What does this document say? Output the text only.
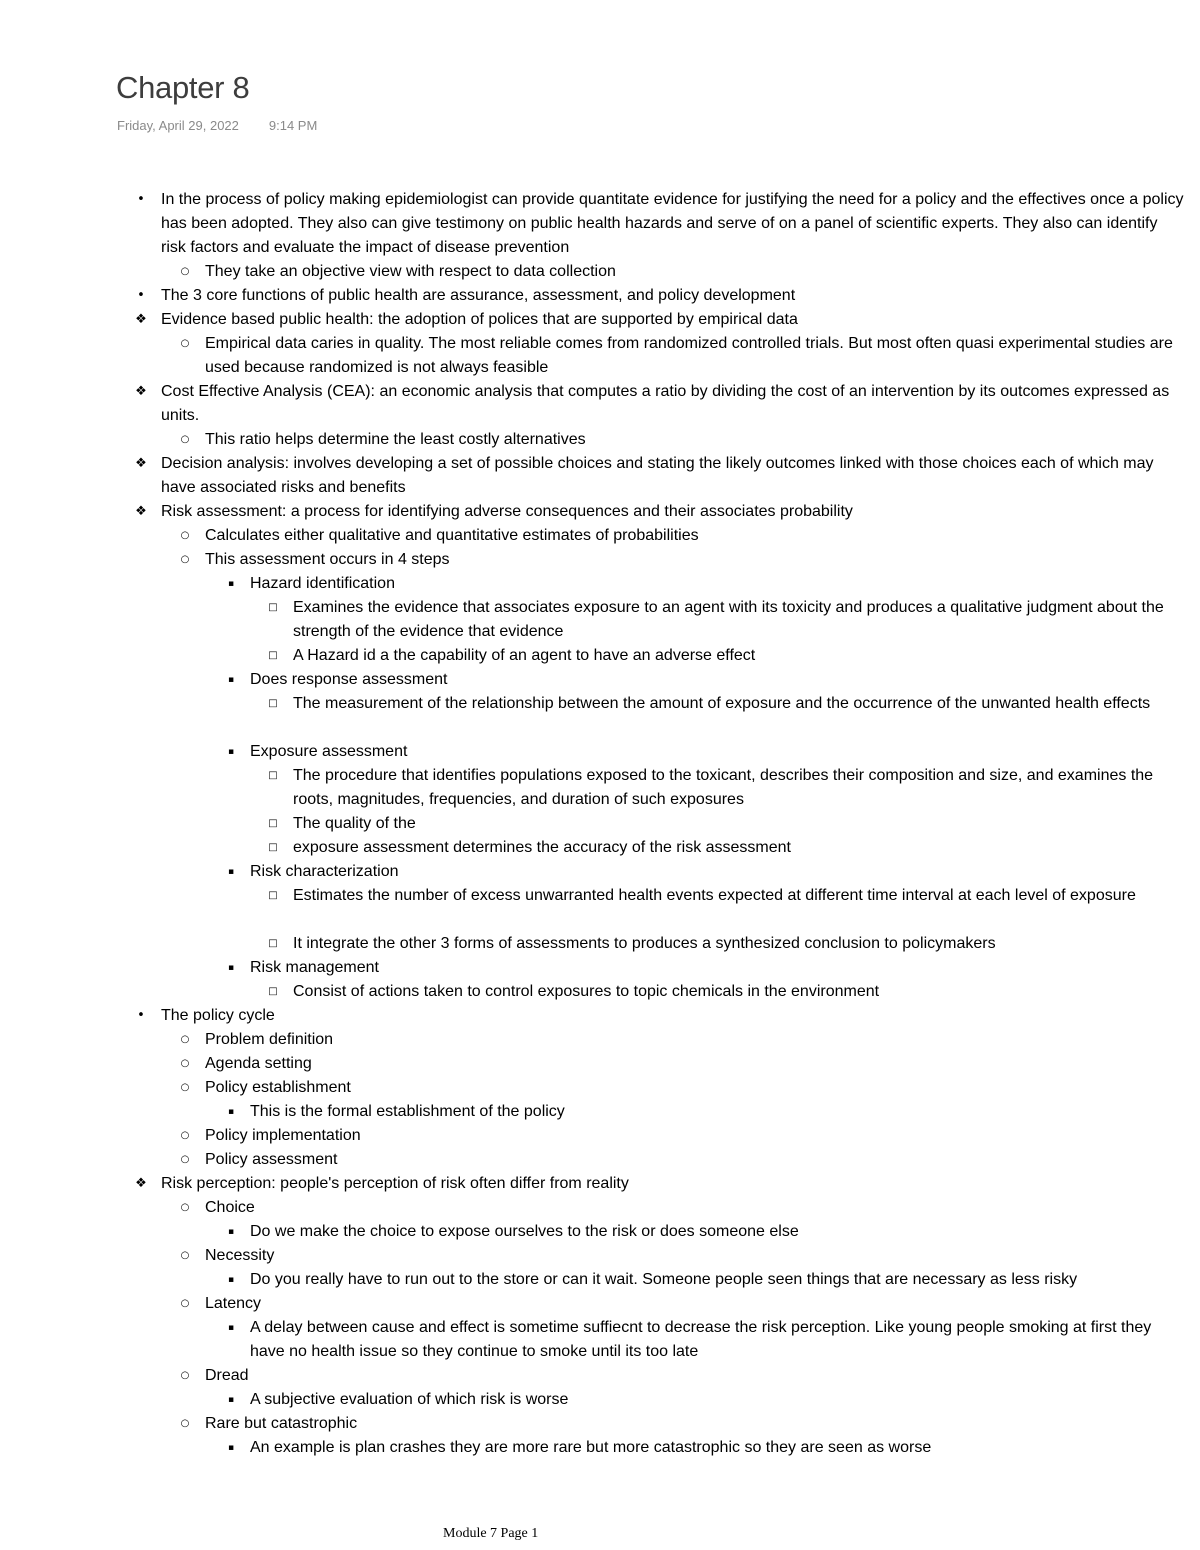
Chapter 8
Friday, April 29, 2022 9:14 PM
• In the process of policy making epidemiologist can provide quantitate evidence for justifying the need for a policy and the effectives once a policy has been adopted. They also can give testimony on public health hazards and serve of on a panel of scientific experts. They also can identify risk factors and evaluate the impact of disease prevention
○ They take an objective view with respect to data collection
• The 3 core functions of public health are assurance, assessment, and policy development
❖ Evidence based public health: the adoption of polices that are supported by empirical data
○ Empirical data caries in quality. The most reliable comes from randomized controlled trials. But most often quasi experimental studies are used because randomized is not always feasible
❖ Cost Effective Analysis (CEA): an economic analysis that computes a ratio by dividing the cost of an intervention by its outcomes expressed as units.
○ This ratio helps determine the least costly alternatives
❖ Decision analysis: involves developing a set of possible choices and stating the likely outcomes linked with those choices each of which may have associated risks and benefits
❖ Risk assessment: a process for identifying adverse consequences and their associates probability
○ Calculates either qualitative and quantitative estimates of probabilities
○ This assessment occurs in 4 steps
▪ Hazard identification
□ Examines the evidence that associates exposure to an agent with its toxicity and produces a qualitative judgment about the strength of the evidence that evidence
□ A Hazard id a the capability of an agent to have an adverse effect
▪ Does response assessment
□ The measurement of the relationship between the amount of exposure and the occurrence of the unwanted health effects
▪ Exposure assessment
□ The procedure that identifies populations exposed to the toxicant, describes their composition and size, and examines the roots, magnitudes, frequencies, and duration of such exposures
□ The quality of the
□ exposure assessment determines the accuracy of the risk assessment
▪ Risk characterization
□ Estimates the number of excess unwarranted health events expected at different time interval at each level of exposure
□ It integrate the other 3 forms of assessments to produces a synthesized conclusion to policymakers
▪ Risk management
□ Consist of actions taken to control exposures to topic chemicals in the environment
• The policy cycle
○ Problem definition
○ Agenda setting
○ Policy establishment
▪ This is the formal establishment of the policy
○ Policy implementation
○ Policy assessment
❖ Risk perception: people's perception of risk often differ from reality
○ Choice
▪ Do we make the choice to expose ourselves to the risk or does someone else
○ Necessity
▪ Do you really have to run out to the store or can it wait. Someone people seen things that are necessary as less risky
○ Latency
▪ A delay between cause and effect is sometime suffiecnt to decrease the risk perception. Like young people smoking at first they have no health issue so they continue to smoke until its too late
○ Dread
▪ A subjective evaluation of which risk is worse
○ Rare but catastrophic
▪ An example is plan crashes they are more rare but more catastrophic so they are seen as worse
Module 7 Page 1
